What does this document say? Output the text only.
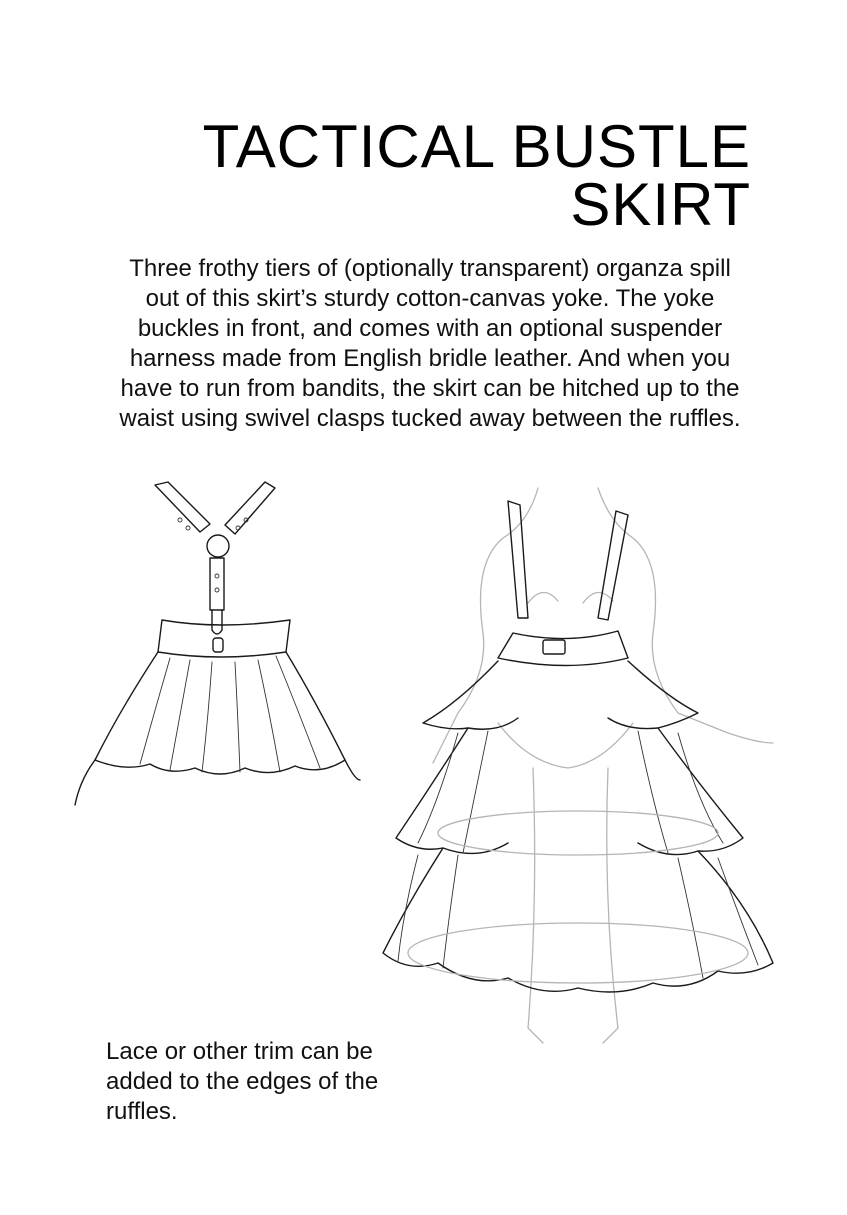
TACTICAL BUSTLE
SKIRT

Three frothy tiers of (optionally transparent) organza spill out of this skirt’s sturdy cotton-canvas yoke. The yoke buckles in front, and comes with an optional suspender harness made from English bridle leather. And when you have to run from bandits, the skirt can be hitched up to the waist using swivel clasps tucked away between the ruffles.

Lace or other trim can be added to the edges of the ruffles.
